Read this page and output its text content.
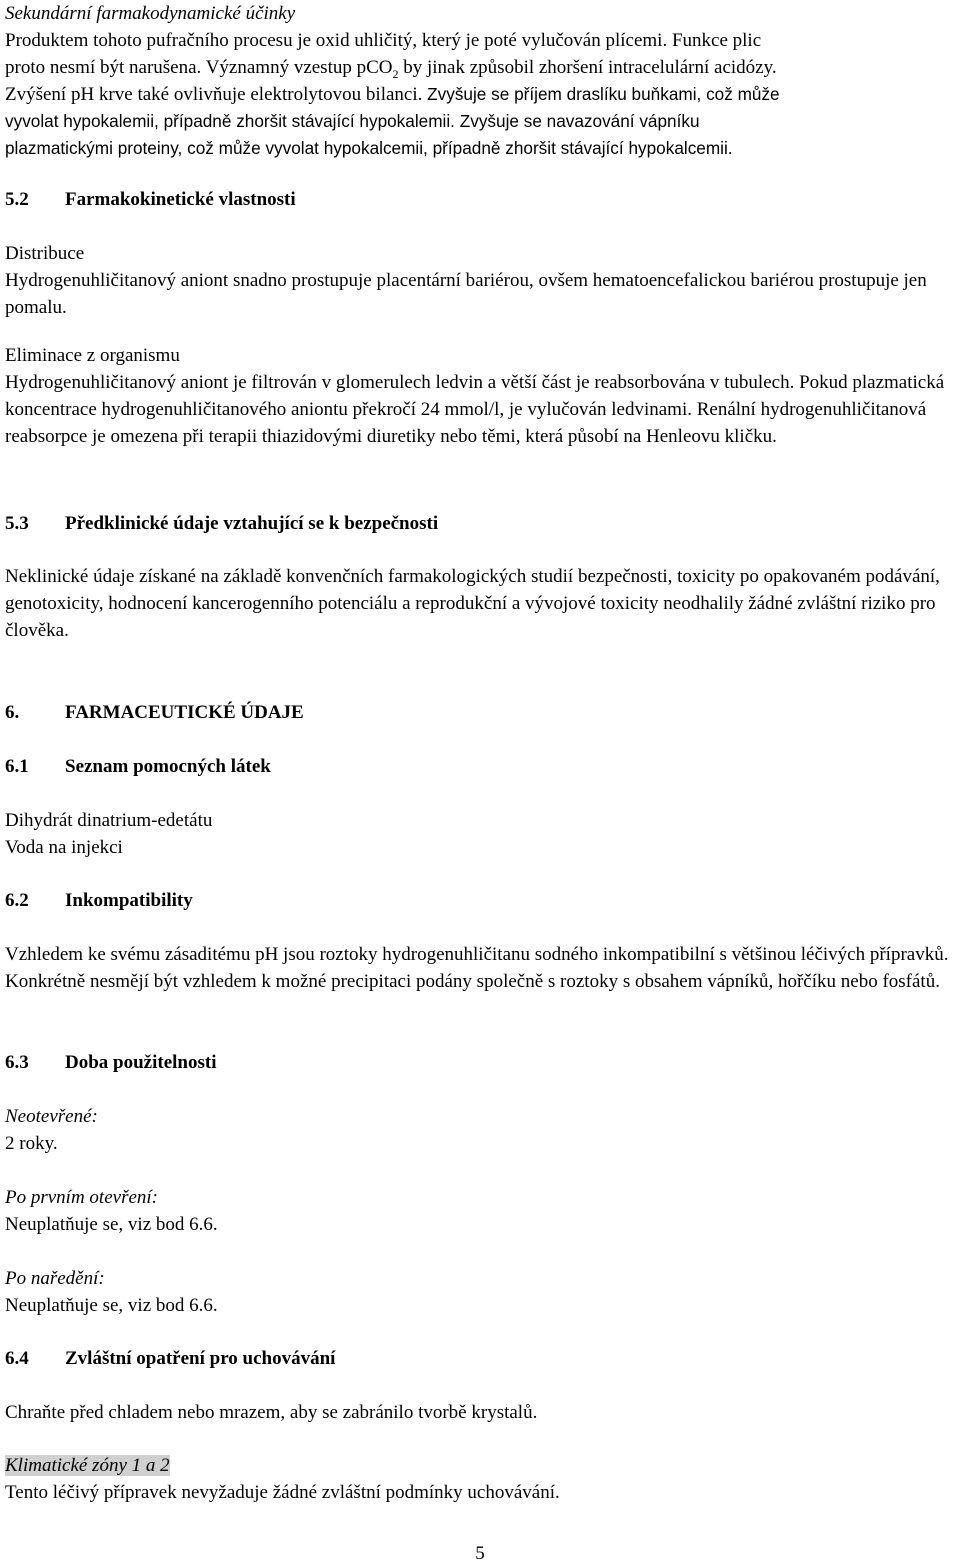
Sekundární farmakodynamické účinky

Produktem tohoto pufračního procesu je oxid uhličitý, který je poté vylučován plícemi. Funkce plic

proto nesmí být narušena. Významný vzestup pCO$_2$ by jinak způsobil zhoršení intracelulární acidózy.

Zvýšení pH krve také ovlivňuje elektrolytovou bilanci. Zvyšuje se příjem draslíku buňkami, což může

vyvolat hypokalemii, případně zhoršit stávající hypokalemii. Zvyšuje se navazování vápníku

plazmatickými proteiny, což může vyvolat hypokalcemii, případně zhoršit stávající hypokalcemii.

5.2	Farmakokinetické vlastnosti

Distribuce

Hydrogenuhličitanový aniont snadno prostupuje placentární bariérou, ovšem hematoencefalickou bariérou prostupuje jen pomalu.

Eliminace z organismu

Hydrogenuhličitanový aniont je filtrován v glomerulech ledvin a větší část je reabsorbována v tubulech. Pokud plazmatická koncentrace hydrogenuhličitanového aniontu překročí 24 mmol/l, je vylučován ledvinami. Renální hydrogenuhličitanová reabsorpce je omezena při terapii thiazidovými diuretiky nebo těmi, která působí na Henleovu kličku.

5.3	Předklinické údaje vztahující se k bezpečnosti

Neklinické údaje získané na základě konvenčních farmakologických studií bezpečnosti, toxicity po opakovaném podávání, genotoxicity, hodnocení kancerogenního potenciálu a reprodukční a vývojové toxicity neodhalily žádné zvláštní riziko pro člověka.

6.	FARMACEUTICKÉ ÚDAJE

6.1	Seznam pomocných látek

Dihydrát dinatrium-edetátu

Voda na injekci

6.2	Inkompatibility

Vzhledem ke svému zásaditému pH jsou roztoky hydrogenuhličitanu sodného inkompatibilní s většinou léčivých přípravků. Konkrétně nesmějí být vzhledem k možné precipitaci podány společně s roztoky s obsahem vápníků, hořčíku nebo fosfátů.

6.3	Doba použitelnosti

Neotevřené:

2 roky.

Po prvním otevření:

Neuplatňuje se, viz bod 6.6.

Po naředění:

Neuplatňuje se, viz bod 6.6.

6.4	Zvláštní opatření pro uchovávání

Chraňte před chladem nebo mrazem, aby se zabránilo tvorbě krystalů.

Klimatické zóny 1 a 2

Tento léčivý přípravek nevyžaduje žádné zvláštní podmínky uchovávání.

5
